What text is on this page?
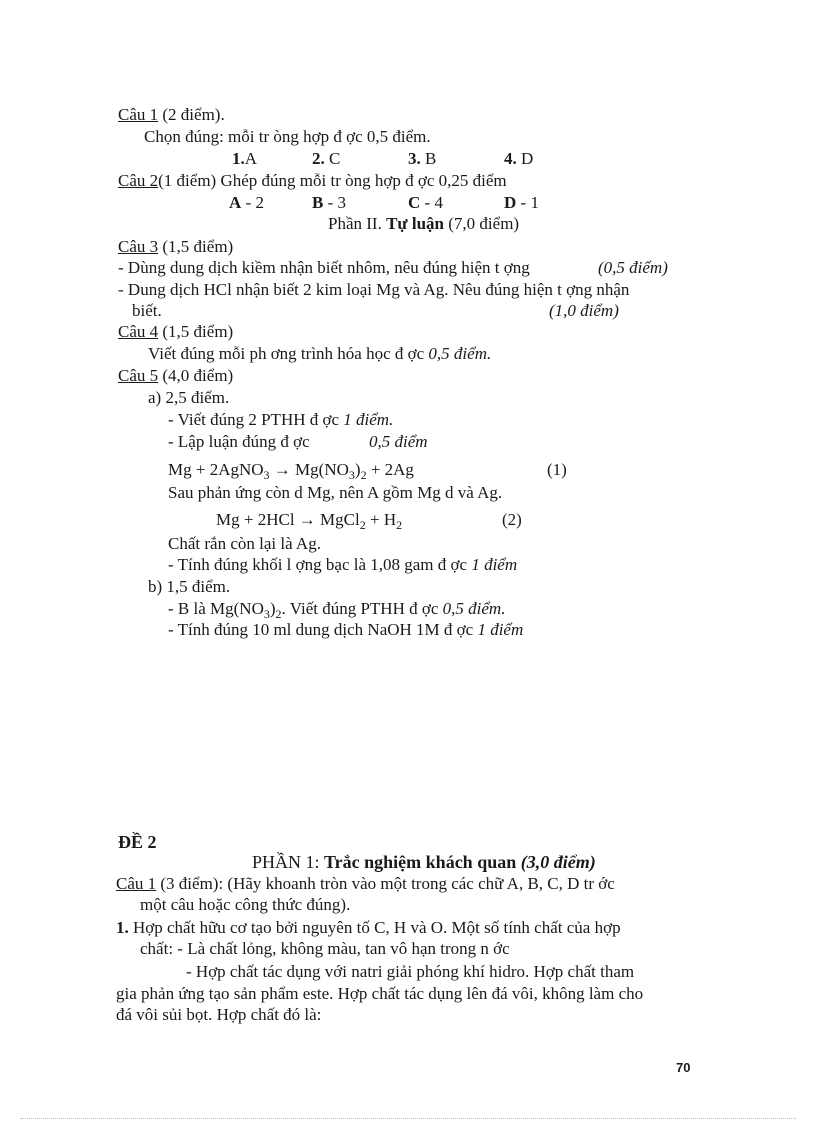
Câu 1 (2 điểm).
Chọn đúng: mỗi tr òng hợp đ ợc 0,5 điểm.
1.A	2. C	3. B	4. D
Câu 2(1 điểm) Ghép đúng mỗi tr òng hợp đ ợc 0,25 điểm
A - 2	B - 3	C - 4	D - 1
Phần II. Tự luận (7,0 điểm)
Câu 3 (1,5 điểm)
- Dùng dung dịch kiềm nhận biết nhôm, nêu đúng hiện t ợng	(0,5 điểm)
- Dung dịch HCl nhận biết 2 kim loại Mg và Ag. Nêu đúng hiện t ợng nhận
biết.	(1,0 điểm)
Câu 4 (1,5 điểm)
Viết đúng mỗi ph ơng trình hóa học đ ợc 0,5 điểm.
Câu 5 (4,0 điểm)
a) 2,5 điểm.
- Viết đúng 2 PTHH đ ợc 1 điểm.
- Lập luận đúng đ ợc	0,5 điểm
Mg + 2AgNO$_3$ → $Mg(NO_3)_2 + 2Ag$	(1)
Sau phản ứng còn d Mg, nên A gồm Mg d và Ag.
Mg + 2HCl → MgCl$_2$ + $H_2$	(2)
Chất rắn còn lại là Ag.
- Tính đúng khối l ợng bạc là 1,08 gam đ ợc 1 điểm
b) 1,5 điểm.
- B là $Mg(NO_3)_2$. Viết đúng PTHH đ ợc 0,5 điểm.
- Tính đúng 10 ml dung dịch NaOH 1M đ ợc 1 điểm
ĐỀ 2
PHẦN 1: Trắc nghiệm khách quan (3,0 điểm)
Câu 1 (3 điểm): (Hãy khoanh tròn vào một trong các chữ A, B, C, D tr ớc
một câu hoặc công thức đúng).
1. Hợp chất hữu cơ tạo bởi nguyên tố C, H và O. Một số tính chất của hợp
chất: - Là chất lỏng, không màu, tan vô hạn trong n ớc
- Hợp chất tác dụng với natri giải phóng khí hidro. Hợp chất tham
gia phản ứng tạo sản phẩm este. Hợp chất tác dụng lên đá vôi, không làm cho
đá vôi sủi bọt. Hợp chất đó là:
70
